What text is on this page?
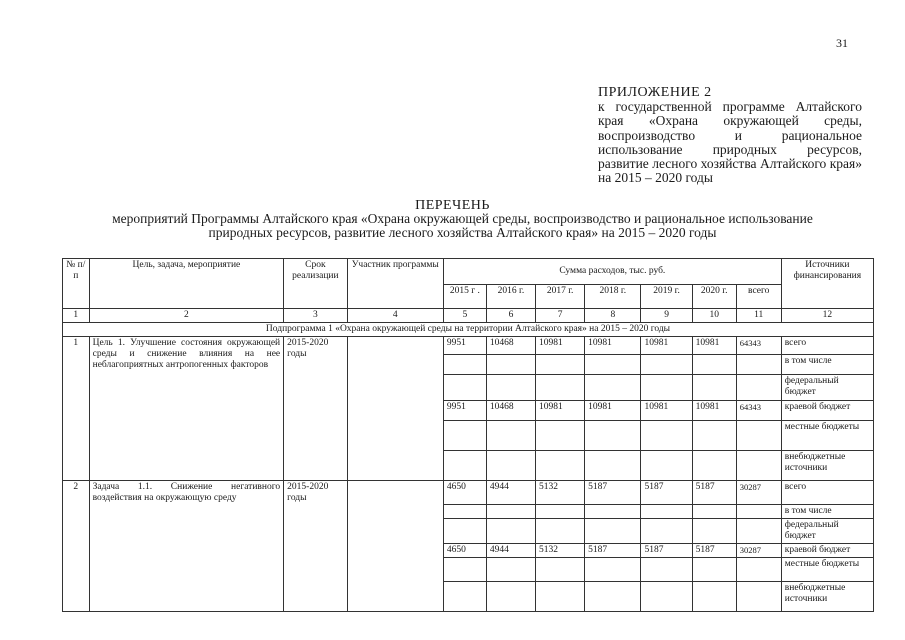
31
ПРИЛОЖЕНИЕ 2
к государственной программе Алтайского края «Охрана окружающей среды, воспроизводство и рациональное использование природных ресурсов, развитие лесного хозяйства Алтайского края» на 2015 – 2020 годы
ПЕРЕЧЕНЬ
мероприятий Программы Алтайского края «Охрана окружающей среды, воспроизводство и рациональное использование природных ресурсов, развитие лесного хозяйства Алтайского края» на 2015 – 2020 годы
№ п/п	Цель, задача, мероприятие	Срок реализации	Участник программы	Сумма расходов, тыс. руб.							Источники финансирования
				2015 г .	2016 г.	2017 г.	2018 г.	2019 г.	2020 г.	всего	
1	2	3	4	5	6	7	8	9	10	11	12
Подпрограмма 1 «Охрана окружающей среды на территории Алтайского края» на 2015 – 2020 годы											
1	Цель 1. Улучшение состояния окружающей среды и снижение влияния на нее неблагоприятных антропогенных факторов	2015-2020 годы		9951	10468	10981	10981	10981	10981	64343	всего
											в том числе
											федеральный бюджет
				9951	10468	10981	10981	10981	10981	64343	краевой бюджет
											местные бюджеты
											внебюджетные источники
2	Задача 1.1. Снижение негативного воздействия на окружающую среду	2015-2020 годы		4650	4944	5132	5187	5187	5187	30287	всего
											в том числе
											федеральный бюджет
				4650	4944	5132	5187	5187	5187	30287	краевой бюджет
											местные бюджеты
											внебюджетные источники
